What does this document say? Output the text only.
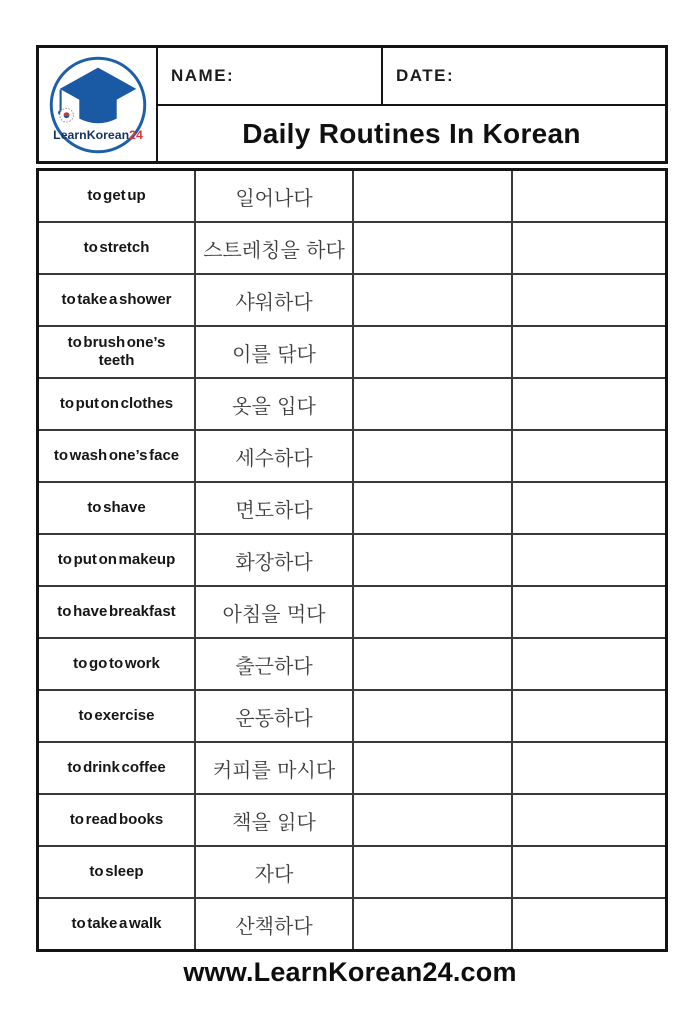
LearnKorean24
NAME:	DATE:
Daily Routines In Korean
to get up	일어나다
to stretch	스트레칭을 하다
to take a shower	샤워하다
to brush one’s teeth	이를 닦다
to put on clothes	옷을 입다
to wash one’s face	세수하다
to shave	면도하다
to put on makeup	화장하다
to have breakfast	아침을 먹다
to go to work	출근하다
to exercise	운동하다
to drink coffee	커피를 마시다
to read books	책을 읽다
to sleep	자다
to take a walk	산책하다
www.LearnKorean24.com
